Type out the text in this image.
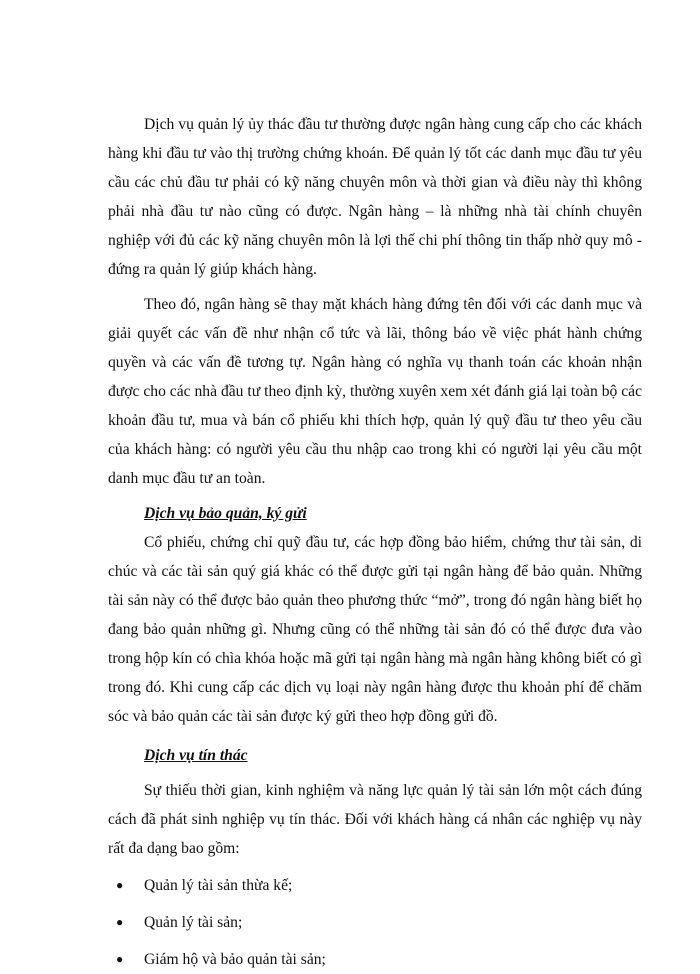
Dịch vụ quản lý ủy thác đầu tư thường được ngân hàng cung cấp cho các khách hàng khi đầu tư vào thị trường chứng khoán. Để quản lý tốt các danh mục đầu tư yêu cầu các chủ đầu tư phải có kỹ năng chuyên môn và thời gian và điều này thì không phải nhà đầu tư nào cũng có được. Ngân hàng – là những nhà tài chính chuyên nghiệp với đủ các kỹ năng chuyên môn là lợi thế chi phí thông tin thấp nhờ quy mô - đứng ra quản lý giúp khách hàng.

Theo đó, ngân hàng sẽ thay mặt khách hàng đứng tên đối với các danh mục và giải quyết các vấn đề như nhận cổ tức và lãi, thông báo về việc phát hành chứng quyền và các vấn đề tương tự. Ngân hàng có nghĩa vụ thanh toán các khoản nhận được cho các nhà đầu tư theo định kỳ, thường xuyên xem xét đánh giá lại toàn bộ các khoản đầu tư, mua và bán cổ phiếu khi thích hợp, quản lý quỹ đầu tư theo yêu cầu của khách hàng: có người yêu cầu thu nhập cao trong khi có người lại yêu cầu một danh mục đầu tư an toàn.

Dịch vụ bảo quản, ký gửi

Cổ phiếu, chứng chỉ quỹ đầu tư, các hợp đồng bảo hiểm, chứng thư tài sản, di chúc và các tài sản quý giá khác có thể được gửi tại ngân hàng để bảo quản. Những tài sản này có thể được bảo quản theo phương thức “mở”, trong đó ngân hàng biết họ đang bảo quản những gì. Nhưng cũng có thể những tài sản đó có thể được đưa vào trong hộp kín có chìa khóa hoặc mã gửi tại ngân hàng mà ngân hàng không biết có gì trong đó. Khi cung cấp các dịch vụ loại này ngân hàng được thu khoản phí để chăm sóc và bảo quản các tài sản được ký gửi theo hợp đồng gửi đồ.

Dịch vụ tín thác

Sự thiếu thời gian, kinh nghiệm và năng lực quản lý tài sản lớn một cách đúng cách đã phát sinh nghiệp vụ tín thác. Đối với khách hàng cá nhân các nghiệp vụ này rất đa dạng bao gồm:

● Quản lý tài sản thừa kế;
● Quản lý tài sản;
● Giám hộ và bảo quản tài sản;
